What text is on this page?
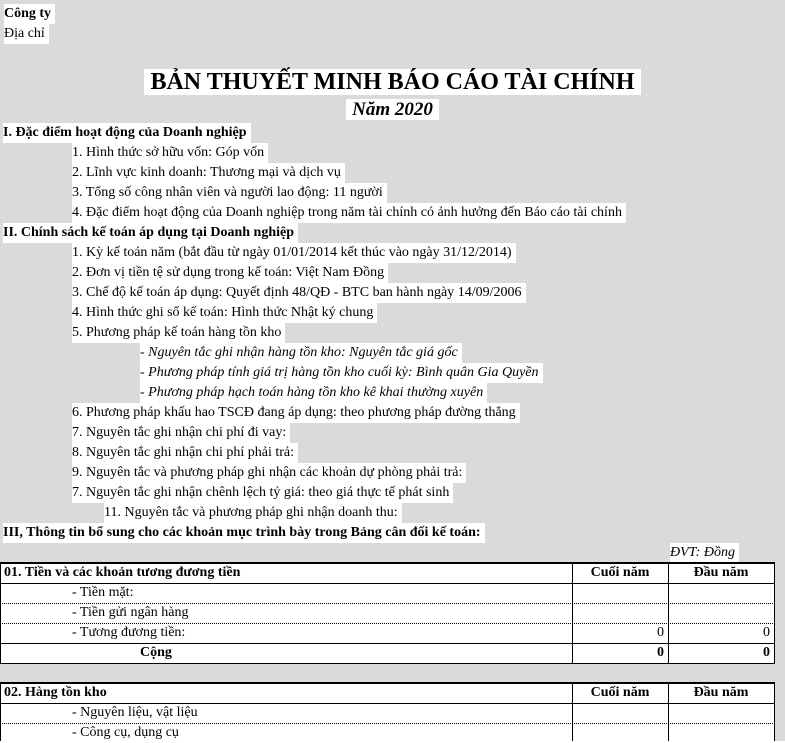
Công ty
Địa chỉ
BẢN THUYẾT MINH BÁO CÁO TÀI CHÍNH
Năm 2020
I. Đặc điểm hoạt động của Doanh nghiệp
1. Hình thức sở hữu vốn: Góp vốn
2. Lĩnh vực kinh doanh: Thương mại và dịch vụ
3. Tổng số công nhân viên và người lao động: 11 người
4. Đặc điểm hoạt động của Doanh nghiệp trong năm tài chính có ảnh hưởng đến Báo cáo tài chính
II. Chính sách kế toán áp dụng tại Doanh nghiệp
1. Kỳ kế toán năm (bắt đầu từ ngày 01/01/2014 kết thúc vào ngày 31/12/2014)
2. Đơn vị tiền tệ sử dụng trong kế toán: Việt Nam Đồng
3. Chế độ kế toán áp dụng: Quyết định 48/QĐ - BTC ban hành ngày 14/09/2006
4. Hình thức ghi sổ kế toán: Hình thức Nhật ký chung
5. Phương pháp kế toán hàng tồn kho
- Nguyên tắc ghi nhận hàng tồn kho: Nguyên tắc giá gốc
- Phương pháp tính giá trị hàng tồn kho cuối kỳ: Bình quân Gia Quyền
- Phương pháp hạch toán hàng tồn kho kê khai thường xuyên
6. Phương pháp khấu hao TSCĐ đang áp dụng: theo phương pháp đường thẳng
7. Nguyên tắc ghi nhận chi phí đi vay:
8. Nguyên tắc ghi nhận chi phí phải trả:
9. Nguyên tắc và phương pháp ghi nhận các khoản dự phòng phải trả:
7. Nguyên tắc ghi nhận chênh lệch tỷ giá: theo giá thực tế phát sinh
11. Nguyên tắc và phương pháp ghi nhận doanh thu:
III, Thông tin bổ sung cho các khoản mục trình bày trong Bảng cân đối kế toán:
ĐVT: Đồng
01. Tiền và các khoản tương đương tiền	Cuối năm	Đầu năm
- Tiền mặt:
- Tiền gửi ngân hàng
- Tương đương tiền:	0	0
Cộng	0	0
02. Hàng tồn kho	Cuối năm	Đầu năm
- Nguyên liệu, vật liệu
- Công cụ, dụng cụ
